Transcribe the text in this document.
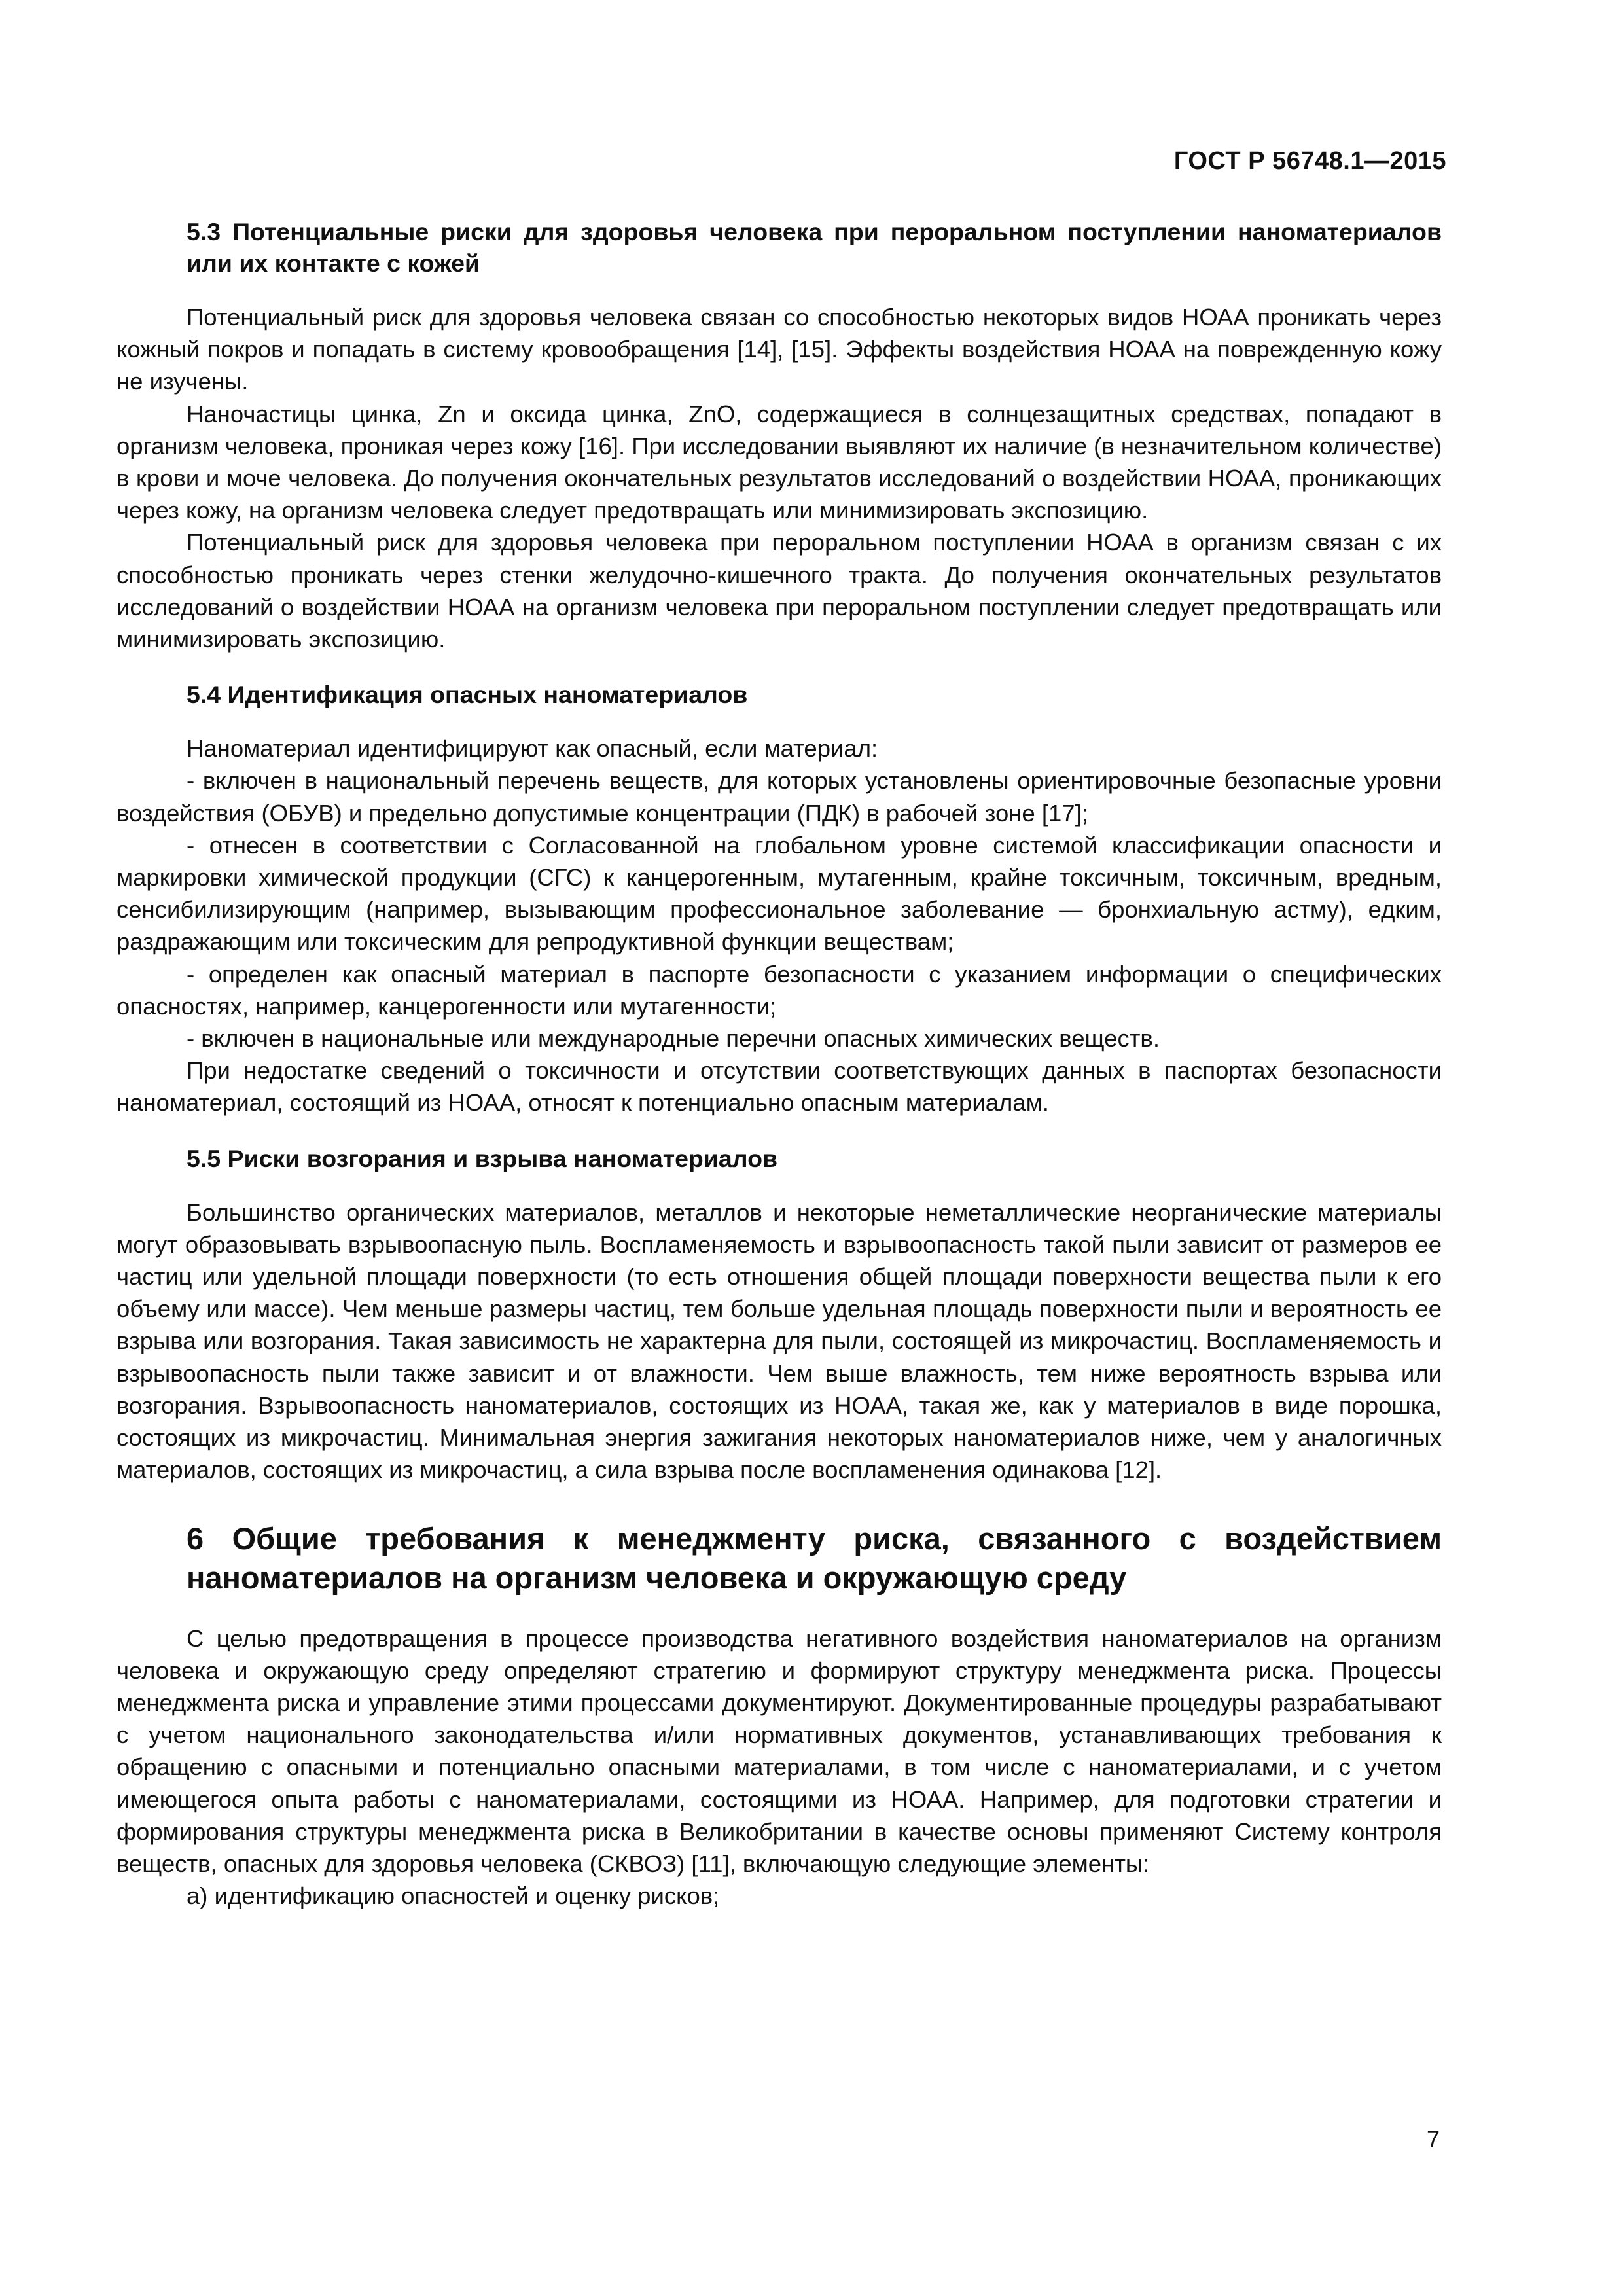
ГОСТ Р 56748.1—2015
5.3 Потенциальные риски для здоровья человека при пероральном поступлении наноматериалов или их контакте с кожей

Потенциальный риск для здоровья человека связан со способностью некоторых видов НОАА проникать через кожный покров и попадать в систему кровообращения [14], [15]. Эффекты воздействия НОАА на поврежденную кожу не изучены.

Наночастицы цинка, Zn и оксида цинка, ZnO, содержащиеся в солнцезащитных средствах, попадают в организм человека, проникая через кожу [16]. При исследовании выявляют их наличие (в незначительном количестве) в крови и моче человека. До получения окончательных результатов исследований о воздействии НОАА, проникающих через кожу, на организм человека следует предотвращать или минимизировать экспозицию.

Потенциальный риск для здоровья человека при пероральном поступлении НОАА в организм связан с их способностью проникать через стенки желудочно-кишечного тракта. До получения окончательных результатов исследований о воздействии НОАА на организм человека при пероральном поступлении следует предотвращать или минимизировать экспозицию.

5.4 Идентификация опасных наноматериалов

Наноматериал идентифицируют как опасный, если материал:

- включен в национальный перечень веществ, для которых установлены ориентировочные безопасные уровни воздействия (ОБУВ) и предельно допустимые концентрации (ПДК) в рабочей зоне [17];

- отнесен в соответствии с Согласованной на глобальном уровне системой классификации опасности и маркировки химической продукции (СГС) к канцерогенным, мутагенным, крайне токсичным, токсичным, вредным, сенсибилизирующим (например, вызывающим профессиональное заболевание — бронхиальную астму), едким, раздражающим или токсическим для репродуктивной функции веществам;

- определен как опасный материал в паспорте безопасности с указанием информации о специфических опасностях, например, канцерогенности или мутагенности;

- включен в национальные или международные перечни опасных химических веществ.

При недостатке сведений о токсичности и отсутствии соответствующих данных в паспортах безопасности наноматериал, состоящий из НОАА, относят к потенциально опасным материалам.

5.5 Риски возгорания и взрыва наноматериалов

Большинство органических материалов, металлов и некоторые неметаллические неорганические материалы могут образовывать взрывоопасную пыль. Воспламеняемость и взрывоопасность такой пыли зависит от размеров ее частиц или удельной площади поверхности (то есть отношения общей площади поверхности вещества пыли к его объему или массе). Чем меньше размеры частиц, тем больше удельная площадь поверхности пыли и вероятность ее взрыва или возгорания. Такая зависимость не характерна для пыли, состоящей из микрочастиц. Воспламеняемость и взрывоопасность пыли также зависит и от влажности. Чем выше влажность, тем ниже вероятность взрыва или возгорания. Взрывоопасность наноматериалов, состоящих из НОАА, такая же, как у материалов в виде порошка, состоящих из микрочастиц. Минимальная энергия зажигания некоторых наноматериалов ниже, чем у аналогичных материалов, состоящих из микрочастиц, а сила взрыва после воспламенения одинакова [12].

6 Общие требования к менеджменту риска, связанного с воздействием наноматериалов на организм человека и окружающую среду

С целью предотвращения в процессе производства негативного воздействия наноматериалов на организм человека и окружающую среду определяют стратегию и формируют структуру менеджмента риска. Процессы менеджмента риска и управление этими процессами документируют. Документированные процедуры разрабатывают с учетом национального законодательства и/или нормативных документов, устанавливающих требования к обращению с опасными и потенциально опасными материалами, в том числе с наноматериалами, и с учетом имеющегося опыта работы с наноматериалами, состоящими из НОАА. Например, для подготовки стратегии и формирования структуры менеджмента риска в Великобритании в качестве основы применяют Систему контроля веществ, опасных для здоровья человека (СКВОЗ) [11], включающую следующие элементы:

а) идентификацию опасностей и оценку рисков;

7
